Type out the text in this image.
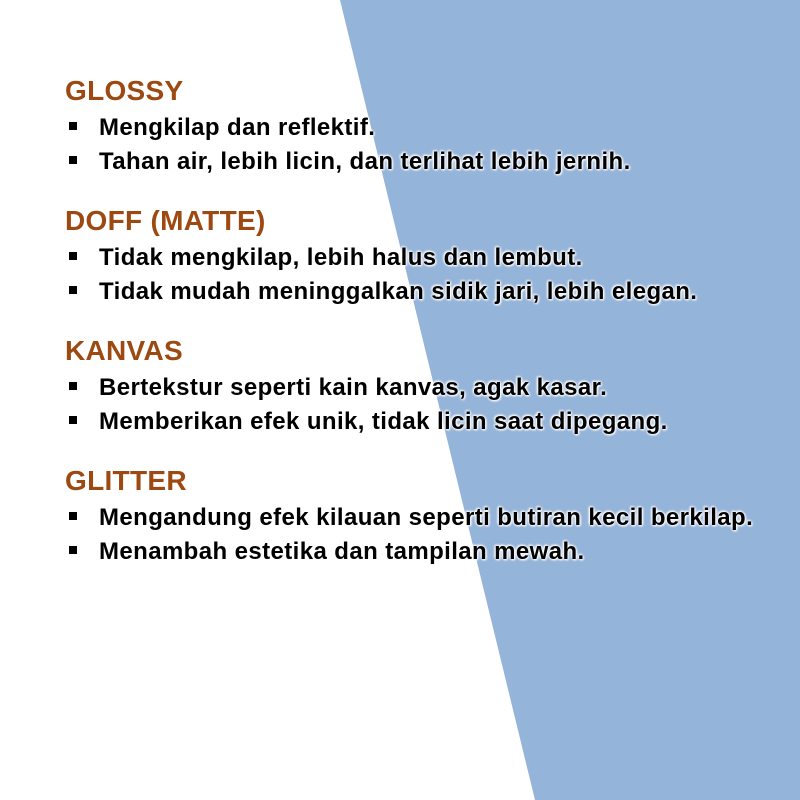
GLOSSY
Mengkilap dan reflektif.
Tahan air, lebih licin, dan terlihat lebih jernih.
DOFF (MATTE)
Tidak mengkilap, lebih halus dan lembut.
Tidak mudah meninggalkan sidik jari, lebih elegan.
KANVAS
Bertekstur seperti kain kanvas, agak kasar.
Memberikan efek unik, tidak licin saat dipegang.
GLITTER
Mengandung efek kilauan seperti butiran kecil berkilap.
Menambah estetika dan tampilan mewah.
